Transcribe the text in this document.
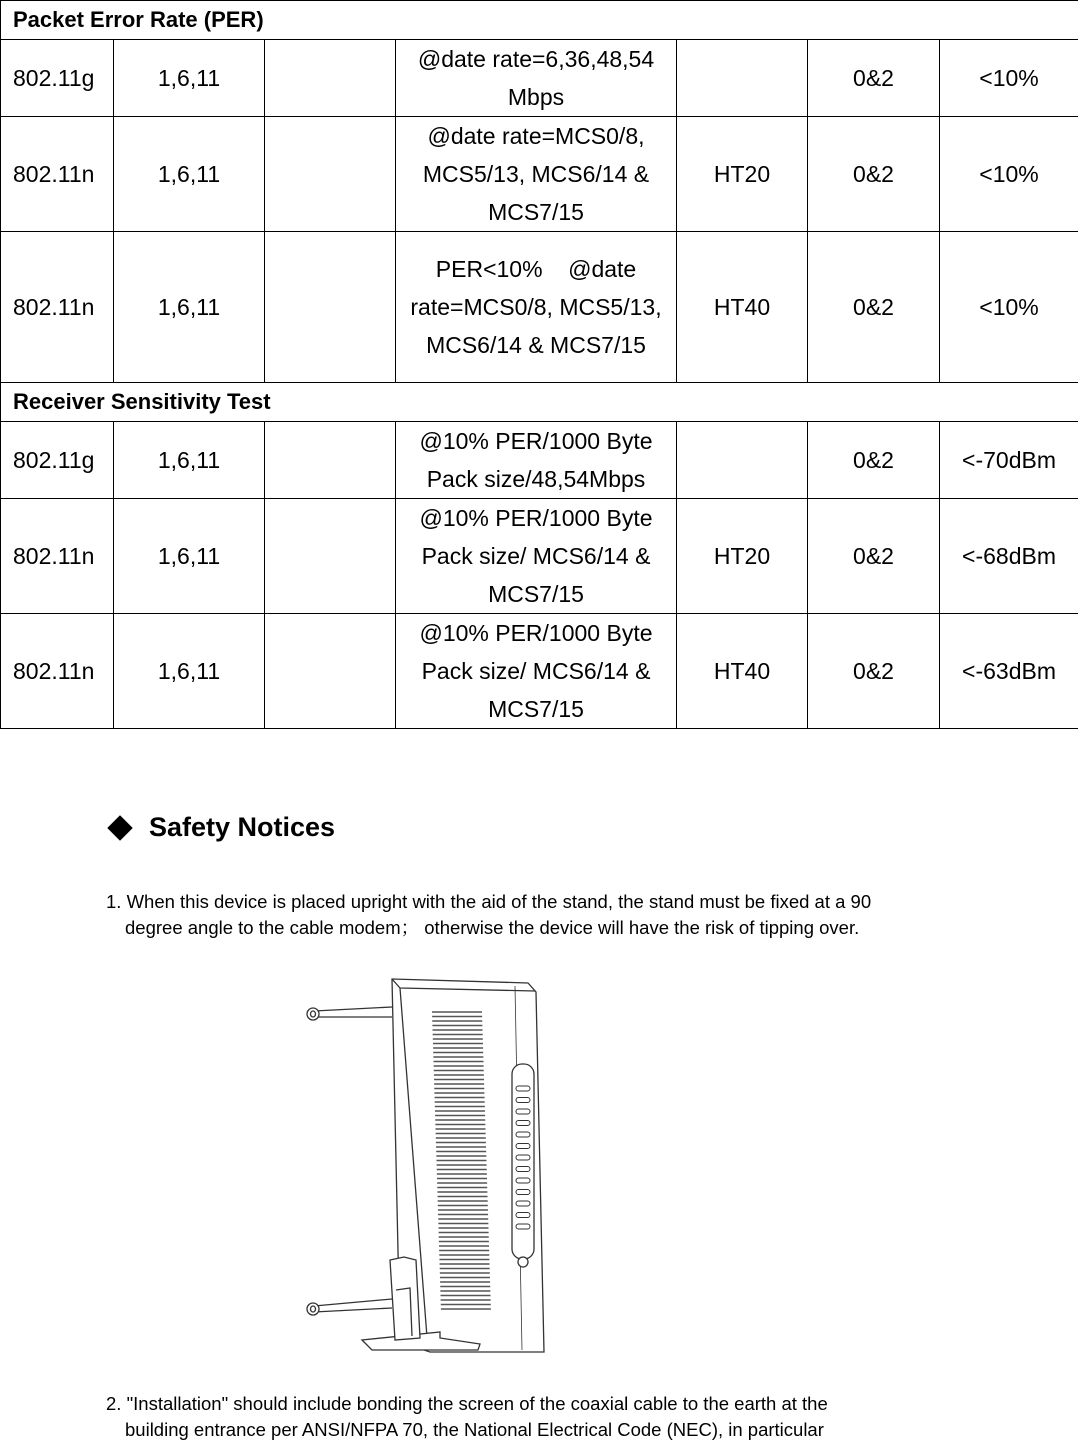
Packet Error Rate (PER)						
802.11g	1,6,11		@date rate=6,36,48,54 Mbps		0&2	<10%
802.11n	1,6,11		@date rate=MCS0/8, MCS5/13, MCS6/14 & MCS7/15	HT20	0&2	<10%
802.11n	1,6,11		PER<10%    @date rate=MCS0/8, MCS5/13, MCS6/14 & MCS7/15	HT40	0&2	<10%
Receiver Sensitivity Test						
802.11g	1,6,11		@10% PER/1000 Byte Pack size/48,54Mbps		0&2	<-70dBm
802.11n	1,6,11		@10% PER/1000 Byte Pack size/ MCS6/14 & MCS7/15	HT20	0&2	<-68dBm
802.11n	1,6,11		@10% PER/1000 Byte Pack size/ MCS6/14 & MCS7/15	HT40	0&2	<-63dBm
Safety Notices
1. When this device is placed upright with the aid of the stand, the stand must be fixed at a 90
degree angle to the cable modem； otherwise the device will have the risk of tipping over.
2. "Installation" should include bonding the screen of the coaxial cable to the earth at the
building entrance per ANSI/NFPA 70, the National Electrical Code (NEC), in particular
